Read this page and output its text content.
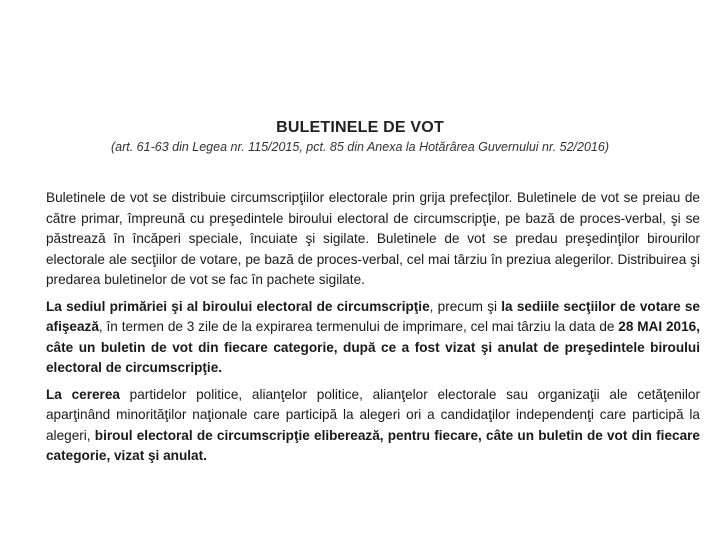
BULETINELE DE VOT
(art. 61-63 din Legea nr. 115/2015, pct. 85 din Anexa la Hotărârea Guvernului nr. 52/2016)

Buletinele de vot se distribuie circumscripţiilor electorale prin grija prefecţilor. Buletinele de vot se preiau de către primar, împreună cu preşedintele biroului electoral de circumscripţie, pe bază de proces-verbal, şi se păstrează în încăperi speciale, încuiate şi sigilate. Buletinele de vot se predau preşedinţilor birourilor electorale ale secţiilor de votare, pe bază de proces-verbal, cel mai târziu în preziua alegerilor. Distribuirea şi predarea buletinelor de vot se fac în pachete sigilate.

La sediul primăriei şi al biroului electoral de circumscripţie, precum şi la sediile secţiilor de votare se afişează, în termen de 3 zile de la expirarea termenului de imprimare, cel mai târziu la data de 28 MAI 2016, câte un buletin de vot din fiecare categorie, după ce a fost vizat şi anulat de preşedintele biroului electoral de circumscripţie.

La cererea partidelor politice, alianţelor politice, alianţelor electorale sau organizaţii ale cetăţenilor aparţinând minorităţilor naţionale care participă la alegeri ori a candidaţilor independenţi care participă la alegeri, biroul electoral de circumscripţie eliberează, pentru fiecare, câte un buletin de vot din fiecare categorie, vizat şi anulat.
